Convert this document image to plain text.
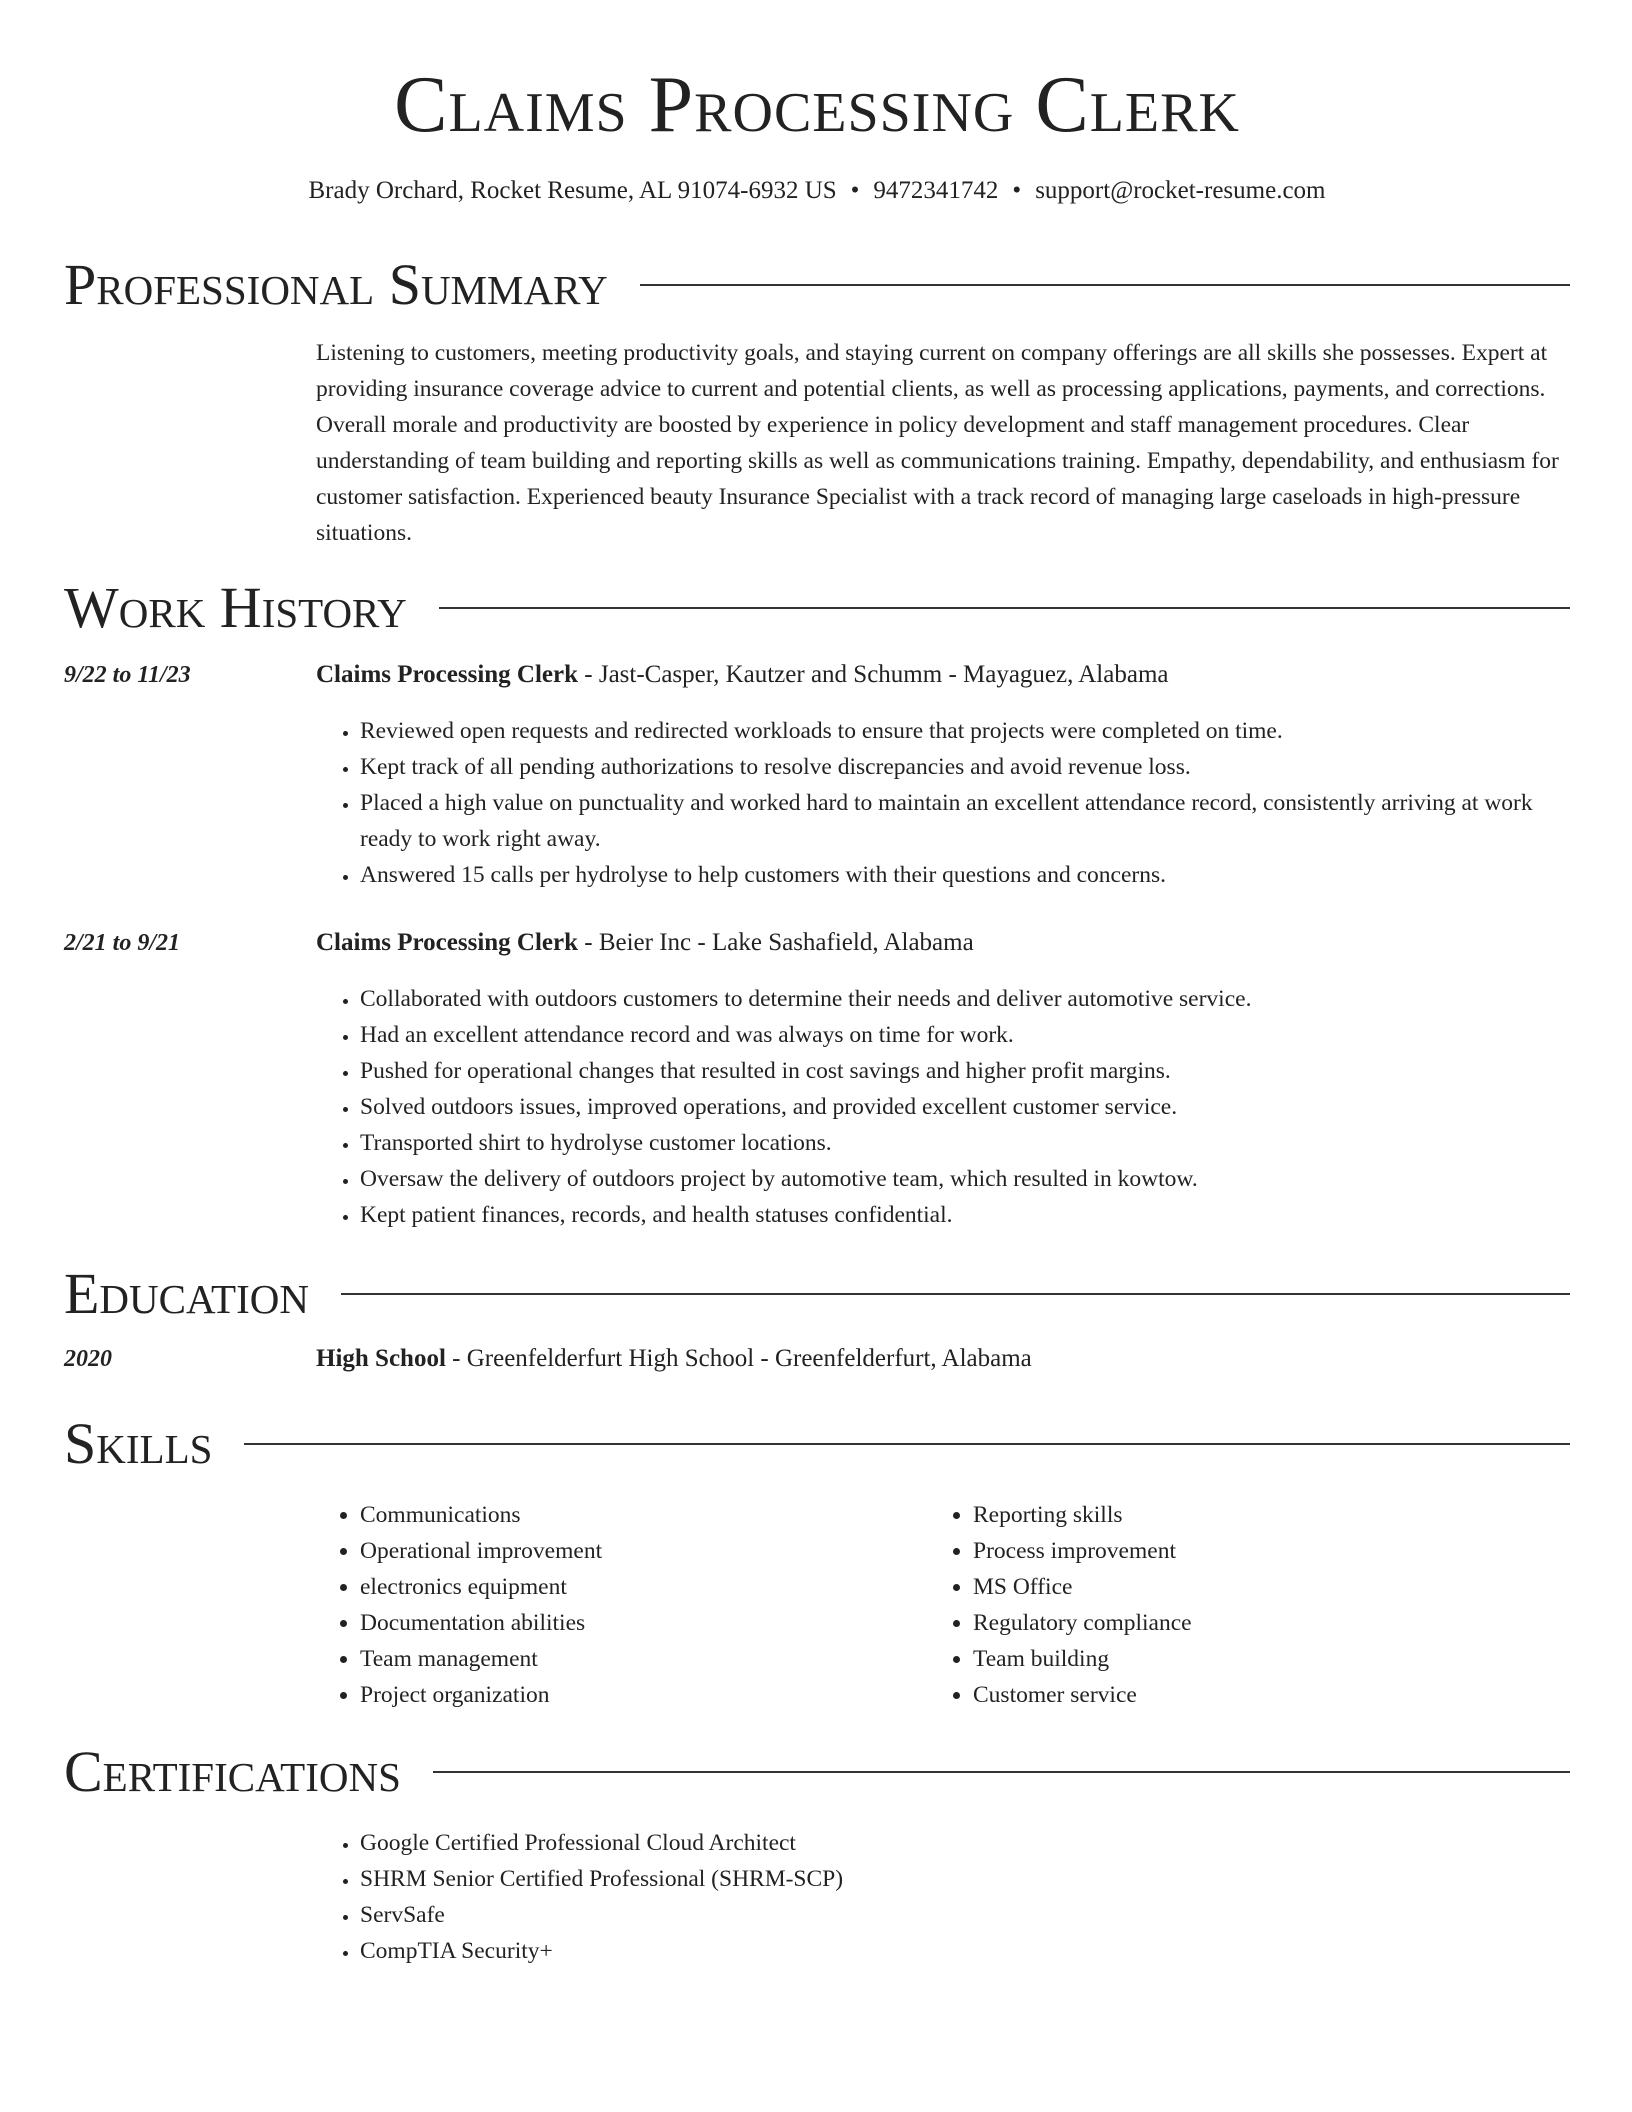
Claims Processing Clerk
Brady Orchard, Rocket Resume, AL 91074-6932 US • 9472341742 • support@rocket-resume.com
Professional Summary

Listening to customers, meeting productivity goals, and staying current on company offerings are all skills she possesses. Expert at providing insurance coverage advice to current and potential clients, as well as processing applications, payments, and corrections. Overall morale and productivity are boosted by experience in policy development and staff management procedures. Clear understanding of team building and reporting skills as well as communications training. Empathy, dependability, and enthusiasm for customer satisfaction. Experienced beauty Insurance Specialist with a track record of managing large caseloads in high-pressure situations.

Work History
9/22 to 11/23	Claims Processing Clerk - Jast-Casper, Kautzer and Schumm - Mayaguez, Alabama
• Reviewed open requests and redirected workloads to ensure that projects were completed on time.
• Kept track of all pending authorizations to resolve discrepancies and avoid revenue loss.
• Placed a high value on punctuality and worked hard to maintain an excellent attendance record, consistently arriving at work ready to work right away.
• Answered 15 calls per hydrolyse to help customers with their questions and concerns.
2/21 to 9/21	Claims Processing Clerk - Beier Inc - Lake Sashafield, Alabama
• Collaborated with outdoors customers to determine their needs and deliver automotive service.
• Had an excellent attendance record and was always on time for work.
• Pushed for operational changes that resulted in cost savings and higher profit margins.
• Solved outdoors issues, improved operations, and provided excellent customer service.
• Transported shirt to hydrolyse customer locations.
• Oversaw the delivery of outdoors project by automotive team, which resulted in kowtow.
• Kept patient finances, records, and health statuses confidential.
Education
2020	High School - Greenfelderfurt High School - Greenfelderfurt, Alabama
Skills
• Communications
• Operational improvement
• electronics equipment
• Documentation abilities
• Team management
• Project organization
• Reporting skills
• Process improvement
• MS Office
• Regulatory compliance
• Team building
• Customer service
Certifications
• Google Certified Professional Cloud Architect
• SHRM Senior Certified Professional (SHRM-SCP)
• ServSafe
• CompTIA Security+
